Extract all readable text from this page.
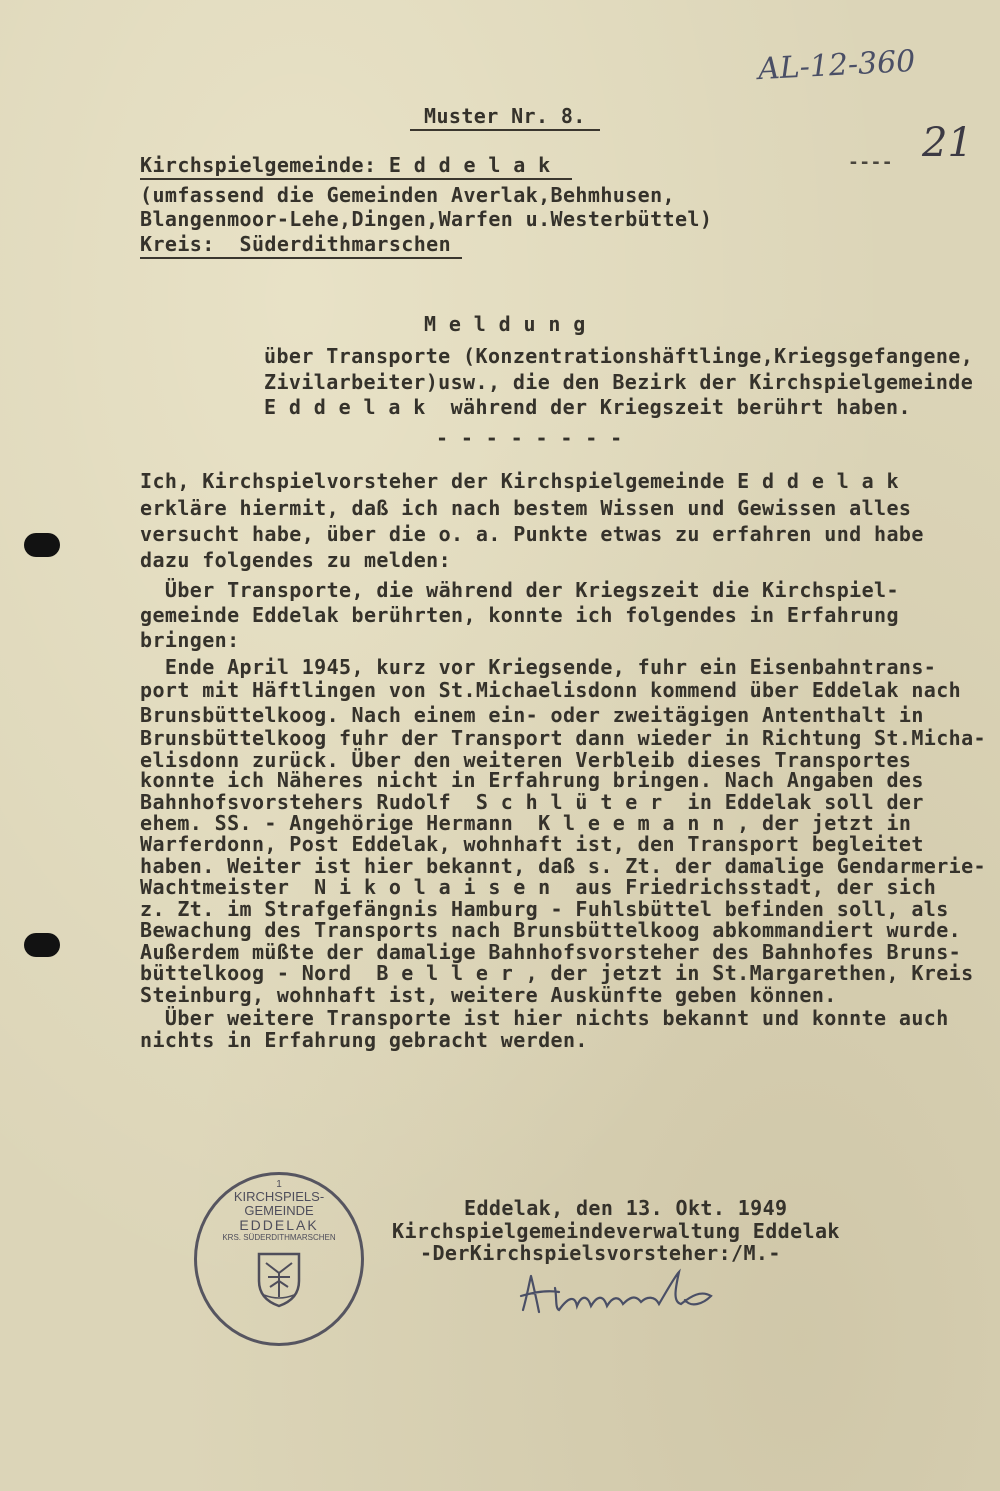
AL-12-360
21
----
Muster Nr. 8.
Kirchspielgemeinde: E d d e l a k
(umfassend die Gemeinden Averlak,Behmhusen,
Blangenmoor-Lehe,Dingen,Warfen u.Westerbüttel)
Kreis:  Süderdithmarschen
M e l d u n g
über Transporte (Konzentrationshäftlinge,Kriegsgefangene,
Zivilarbeiter)usw., die den Bezirk der Kirchspielgemeinde
E d d e l a k  während der Kriegszeit berührt haben.
- - - - - - - -
Ich, Kirchspielvorsteher der Kirchspielgemeinde E d d e l a k
erkläre hiermit, daß ich nach bestem Wissen und Gewissen alles
versucht habe, über die o. a. Punkte etwas zu erfahren und habe
dazu folgendes zu melden:
Über Transporte, die während der Kriegszeit die Kirchspiel-
gemeinde Eddelak berührten, konnte ich folgendes in Erfahrung
bringen:
Ende April 1945, kurz vor Kriegsende, fuhr ein Eisenbahntrans-
port mit Häftlingen von St.Michaelisdonn kommend über Eddelak nach
Brunsbüttelkoog. Nach einem ein- oder zweitägigen Antenthalt in
Brunsbüttelkoog fuhr der Transport dann wieder in Richtung St.Micha-
elisdonn zurück. Über den weiteren Verbleib dieses Transportes
konnte ich Näheres nicht in Erfahrung bringen. Nach Angaben des
Bahnhofsvorstehers Rudolf  S c h l ü t e r  in Eddelak soll der
ehem. SS. - Angehörige Hermann  K l e e m a n n , der jetzt in
Warferdonn, Post Eddelak, wohnhaft ist, den Transport begleitet
haben. Weiter ist hier bekannt, daß s. Zt. der damalige Gendarmerie-
Wachtmeister  N i k o l a i s e n  aus Friedrichsstadt, der sich
z. Zt. im Strafgefängnis Hamburg - Fuhlsbüttel befinden soll, als
Bewachung des Transports nach Brunsbüttelkoog abkommandiert wurde.
Außerdem müßte der damalige Bahnhofsvorsteher des Bahnhofes Bruns-
büttelkoog - Nord  B e l l e r , der jetzt in St.Margarethen, Kreis
Steinburg, wohnhaft ist, weitere Auskünfte geben können.
Über weitere Transporte ist hier nichts bekannt und konnte auch
nichts in Erfahrung gebracht werden.
1
KIRCHSPIELS-
GEMEINDE
EDDELAK
KRS. SÜDERDITHMARSCHEN
Eddelak, den 13. Okt. 1949
Kirchspielgemeindeverwaltung Eddelak
-DerKirchspielsvorsteher:/M.-
